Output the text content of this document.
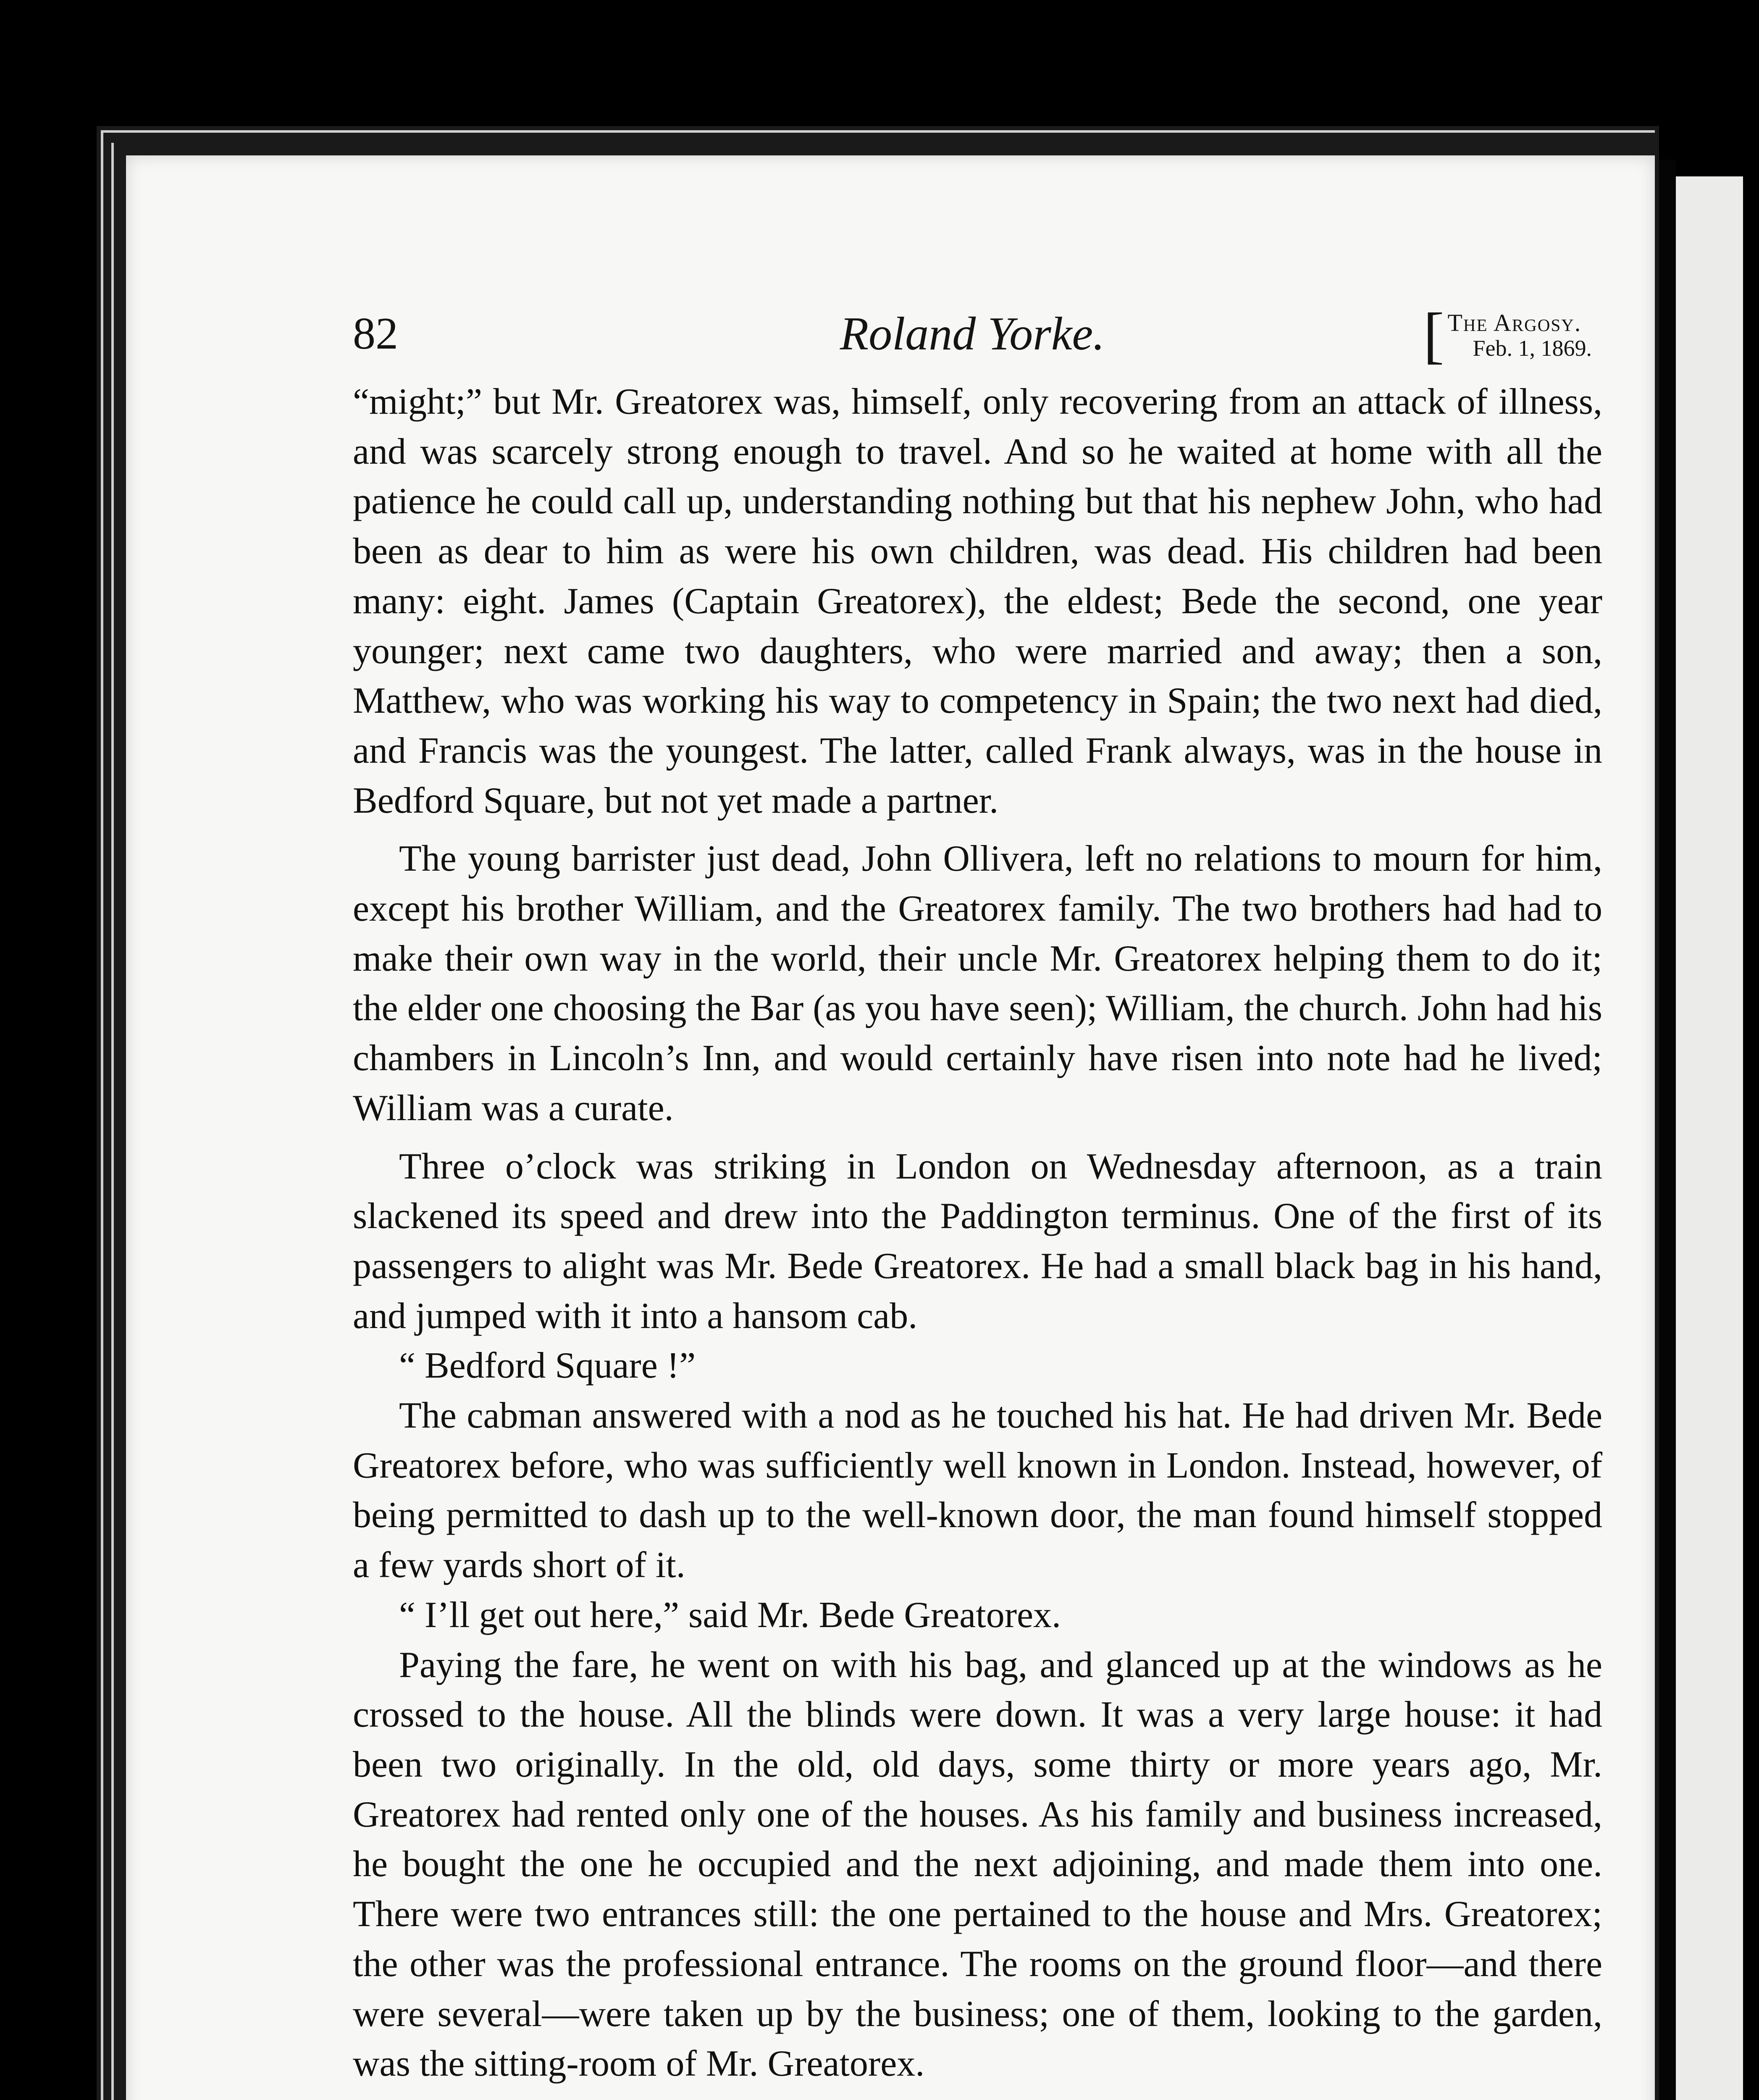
82	Roland Yorke.	[ The Argosy.
Feb. 1, 1869.

“might;” but Mr. Greatorex was, himself, only recovering from an attack of illness, and was scarcely strong enough to travel. And so he waited at home with all the patience he could call up, understanding nothing but that his nephew John, who had been as dear to him as were his own children, was dead. His children had been many: eight. James (Captain Greatorex), the eldest; Bede the second, one year younger; next came two daughters, who were married and away; then a son, Matthew, who was working his way to competency in Spain; the two next had died, and Francis was the youngest. The latter, called Frank always, was in the house in Bedford Square, but not yet made a partner.

The young barrister just dead, John Ollivera, left no relations to mourn for him, except his brother William, and the Greatorex family. The two brothers had had to make their own way in the world, their uncle Mr. Greatorex helping them to do it; the elder one choosing the Bar (as you have seen); William, the church. John had his chambers in Lincoln’s Inn, and would certainly have risen into note had he lived; William was a curate.

Three o’clock was striking in London on Wednesday afternoon, as a train slackened its speed and drew into the Paddington terminus. One of the first of its passengers to alight was Mr. Bede Greatorex. He had a small black bag in his hand, and jumped with it into a hansom cab.

“ Bedford Square !”

The cabman answered with a nod as he touched his hat. He had driven Mr. Bede Greatorex before, who was sufficiently well known in London. Instead, however, of being permitted to dash up to the well-known door, the man found himself stopped a few yards short of it.

“ I’ll get out here,” said Mr. Bede Greatorex.

Paying the fare, he went on with his bag, and glanced up at the windows as he crossed to the house. All the blinds were down. It was a very large house: it had been two originally. In the old, old days, some thirty or more years ago, Mr. Greatorex had rented only one of the houses. As his family and business increased, he bought the one he occupied and the next adjoining, and made them into one. There were two entrances still: the one pertained to the house and Mrs. Greatorex; the other was the professional entrance. The rooms on the ground floor—and there were several—were taken up by the business; one of them, looking to the garden, was the sitting-room of Mr. Greatorex.
